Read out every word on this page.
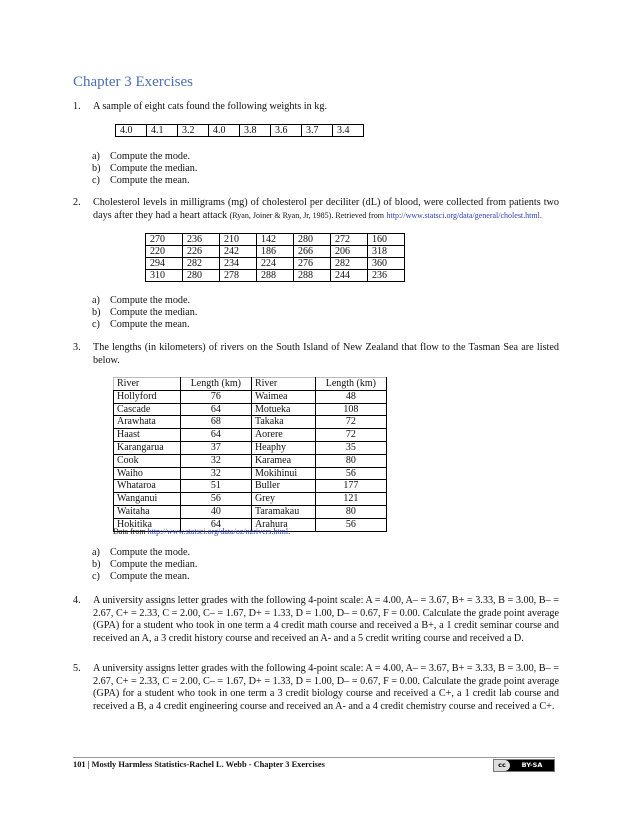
Chapter 3 Exercises
1. A sample of eight cats found the following weights in kg.
4.0	4.1	3.2	4.0	3.8	3.6	3.7	3.4
a) Compute the mode.
b) Compute the median.
c) Compute the mean.
2. Cholesterol levels in milligrams (mg) of cholesterol per deciliter (dL) of blood, were collected from patients two days after they had a heart attack (Ryan, Joiner & Ryan, Jr, 1985). Retrieved from http://www.statsci.org/data/general/cholest.html.
270	236	210	142	280	272	160
220	226	242	186	266	206	318
294	282	234	224	276	282	360
310	280	278	288	288	244	236
a) Compute the mode.
b) Compute the median.
c) Compute the mean.
3. The lengths (in kilometers) of rivers on the South Island of New Zealand that flow to the Tasman Sea are listed below.
River	Length (km)	River	Length (km)
Hollyford	76	Waimea	48
Cascade	64	Motueka	108
Arawhata	68	Takaka	72
Haast	64	Aorere	72
Karangarua	37	Heaphy	35
Cook	32	Karamea	80
Waiho	32	Mokihinui	56
Whataroa	51	Buller	177
Wanganui	56	Grey	121
Waitaha	40	Taramakau	80
Hokitika	64	Arahura	56
Data from http://www.statsci.org/data/oz/nzrivers.html.
a) Compute the mode.
b) Compute the median.
c) Compute the mean.
4. A university assigns letter grades with the following 4-point scale: A = 4.00, A– = 3.67, B+ = 3.33, B = 3.00, B– = 2.67, C+ = 2.33, C = 2.00, C– = 1.67, D+ = 1.33, D = 1.00, D– = 0.67, F = 0.00. Calculate the grade point average (GPA) for a student who took in one term a 4 credit math course and received a B+, a 1 credit seminar course and received an A, a 3 credit history course and received an A- and a 5 credit writing course and received a D.
5. A university assigns letter grades with the following 4-point scale: A = 4.00, A– = 3.67, B+ = 3.33, B = 3.00, B– = 2.67, C+ = 2.33, C = 2.00, C– = 1.67, D+ = 1.33, D = 1.00, D– = 0.67, F = 0.00. Calculate the grade point average (GPA) for a student who took in one term a 3 credit biology course and received a C+, a 1 credit lab course and received a B, a 4 credit engineering course and received an A- and a 4 credit chemistry course and received a C+.
101 | Mostly Harmless Statistics-Rachel L. Webb - Chapter 3 Exercises	cc	BY-SA
